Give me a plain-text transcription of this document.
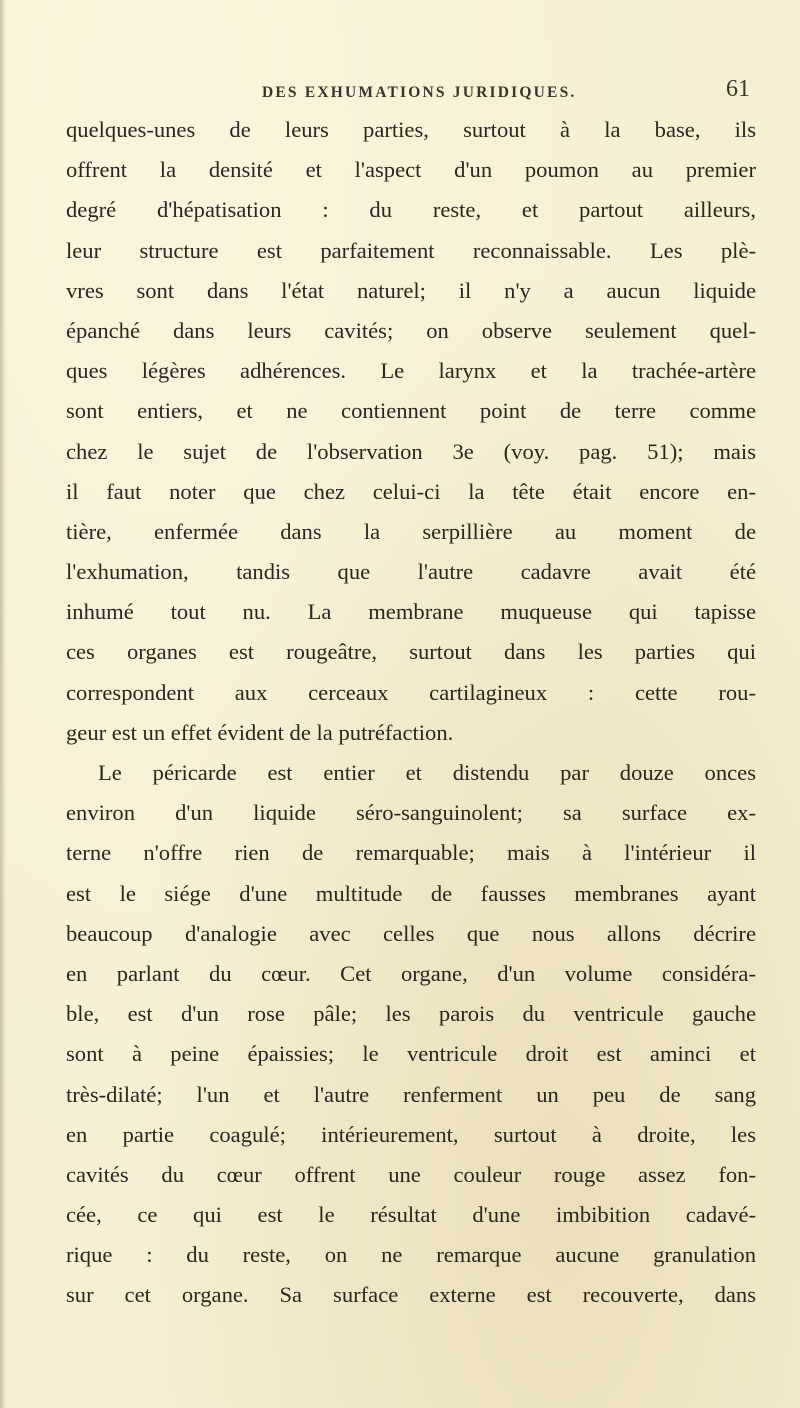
DES EXHUMATIONS JURIDIQUES.	61
quelques-unes de leurs parties, surtout à la base, ils
offrent la densité et l'aspect d'un poumon au premier
degré d'hépatisation : du reste, et partout ailleurs,
leur structure est parfaitement reconnaissable. Les plè-
vres sont dans l'état naturel; il n'y a aucun liquide
épanché dans leurs cavités; on observe seulement quel-
ques légères adhérences. Le larynx et la trachée-artère
sont entiers, et ne contiennent point de terre comme
chez le sujet de l'observation 3e (voy. pag. 51); mais
il faut noter que chez celui-ci la tête était encore en-
tière, enfermée dans la serpillière au moment de
l'exhumation, tandis que l'autre cadavre avait été
inhumé tout nu. La membrane muqueuse qui tapisse
ces organes est rougeâtre, surtout dans les parties qui
correspondent aux cerceaux cartilagineux : cette rou-
geur est un effet évident de la putréfaction.
Le péricarde est entier et distendu par douze onces
environ d'un liquide séro-sanguinolent; sa surface ex-
terne n'offre rien de remarquable; mais à l'intérieur il
est le siége d'une multitude de fausses membranes ayant
beaucoup d'analogie avec celles que nous allons décrire
en parlant du cœur. Cet organe, d'un volume considéra-
ble, est d'un rose pâle; les parois du ventricule gauche
sont à peine épaissies; le ventricule droit est aminci et
très-dilaté; l'un et l'autre renferment un peu de sang
en partie coagulé; intérieurement, surtout à droite, les
cavités du cœur offrent une couleur rouge assez fon-
cée, ce qui est le résultat d'une imbibition cadavé-
rique : du reste, on ne remarque aucune granulation
sur cet organe. Sa surface externe est recouverte, dans
